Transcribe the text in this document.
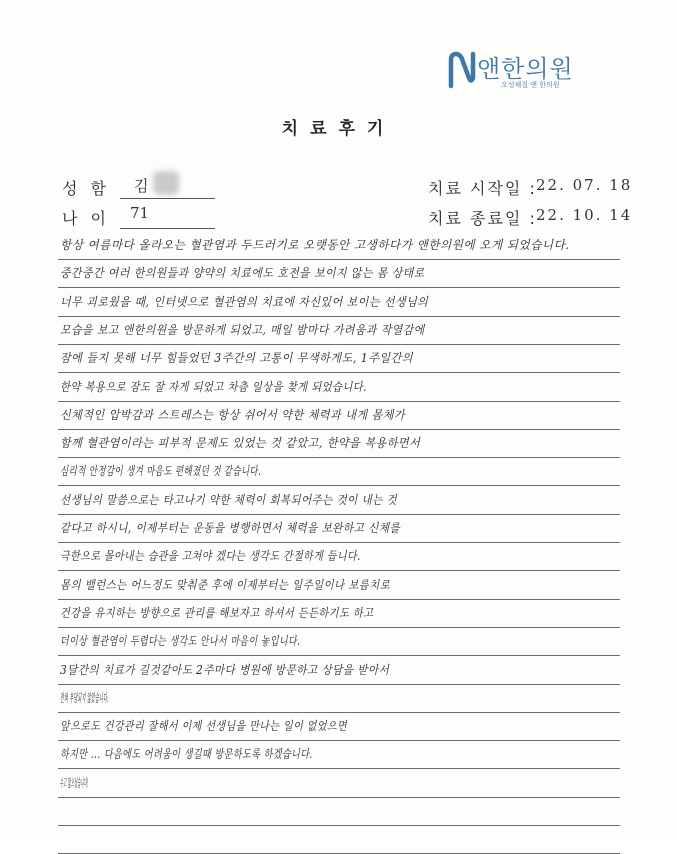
앤한의원
오성체질 앤 한의원
치료후기
성 함 김
나 이 71
치료 시작일 : 22. 07. 18
치료 종료일 : 22. 10. 14
항상 여름마다 올라오는 혈관염과 두드러기로 오랫동안 고생하다가 앤한의원에 오게 되었습니다.
중간중간 여러 한의원들과 양약의 치료에도 호전을 보이지 않는 몸 상태로
너무 괴로웠을 때, 인터넷으로 혈관염의 치료에 자신있어 보이는 선생님의
모습을 보고 앤한의원을 방문하게 되었고, 매일 밤마다 가려움과 작열감에
잠에 들지 못해 너무 힘들었던 3주간의 고통이 무색하게도, 1주일간의
한약 복용으로 잠도 잘 자게 되었고 차츰 일상을 찾게 되었습니다.
신체적인 압박감과 스트레스는 항상 쉬어서 약한 체력과 내게 몸체가
함께 혈관염이라는 피부적 문제도 있었는 것 같았고, 한약을 복용하면서
심리적 안정감이 생겨 마음도 편해졌던 것 같습니다.
선생님의 말씀으로는 타고나기 약한 체력이 회복되어주는 것이 내는 것
같다고 하시니, 이제부터는 운동을 병행하면서 체력을 보완하고 신체를
극한으로 몰아내는 습관을 고쳐야 겠다는 생각도 간절하게 듭니다.
몸의 밸런스는 어느정도 맞춰준 후에 이제부터는 일주일이나 보름치로
건강을 유지하는 방향으로 관리를 해보자고 하셔서 든든하기도 하고
더이상 혈관염이 두렵다는 생각도 안나서 마음이 놓입니다.
3달간의 치료가 길것같아도 2주마다 병원에 방문하고 상담을 받아서
전혀 부담되지 않았습니다.
앞으로도 건강관리 잘해서 이제 선생님을 만나는 일이 없었으면
하지만 ... 다음에도 어려움이 생길때 방문하도록 하겠습니다.
수고 많으셨습니다!
